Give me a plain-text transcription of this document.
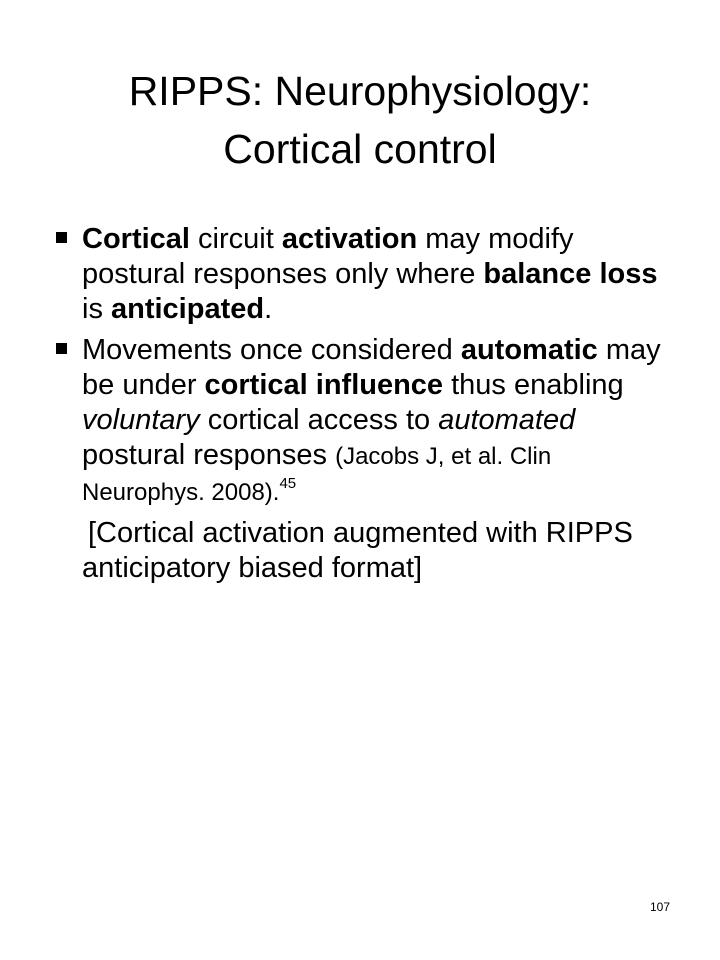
RIPPS: Neurophysiology:
Cortical control
Cortical circuit activation may modify postural responses only where balance loss is anticipated.
Movements once considered automatic may be under cortical influence thus enabling voluntary cortical access to automated postural responses (Jacobs J, et al. Clin Neurophys. 2008).$^{45}$
[Cortical activation augmented with RIPPS anticipatory biased format]
107
